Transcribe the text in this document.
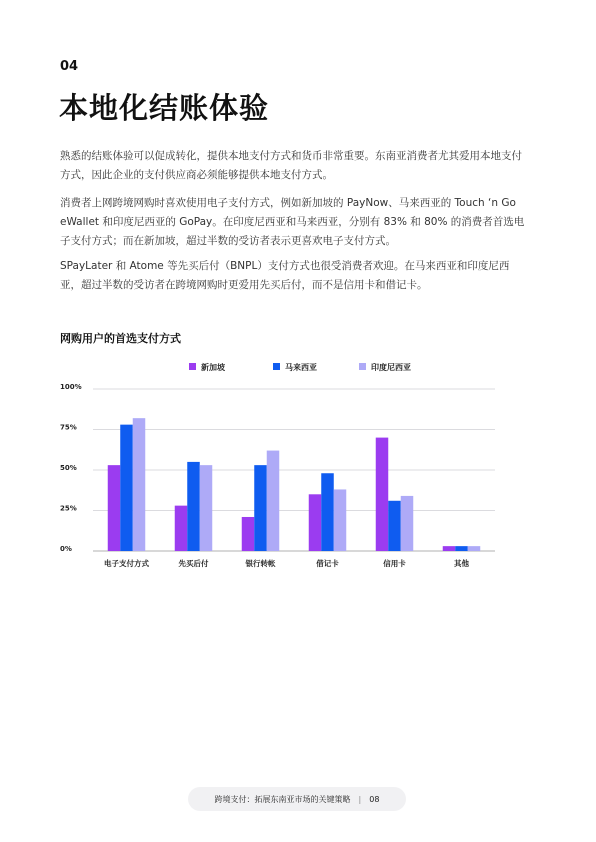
04
本地化结账体验

熟悉的结账体验可以促成转化，提供本地支付方式和货币非常重要。东南亚消费者尤其爱用本地支付方式，因此企业的支付供应商必须能够提供本地支付方式。

消费者上网跨境网购时喜欢使用电子支付方式，例如新加坡的 PayNow、马来西亚的 Touch ‘n Go eWallet 和印度尼西亚的 GoPay。在印度尼西亚和马来西亚，分别有 83% 和 80% 的消费者首选电子支付方式；而在新加坡，超过半数的受访者表示更喜欢电子支付方式。

SPayLater 和 Atome 等先买后付（BNPL）支付方式也很受消费者欢迎。在马来西亚和印度尼西亚，超过半数的受访者在跨境网购时更爱用先买后付，而不是信用卡和借记卡。

网购用户的首选支付方式
新加坡	马来西亚	印度尼西亚
0%
25%
50%
75%
100%
电子支付方式	先买后付	银行转帐	借记卡	信用卡	其他
跨境支付：拓展东南亚市场的关键策略 | 08
